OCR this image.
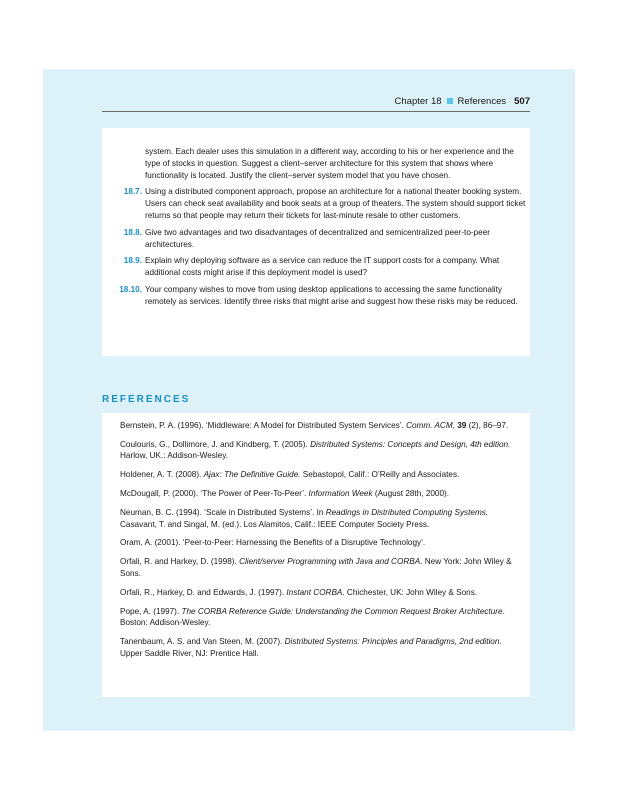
Chapter 18 References 507
system. Each dealer uses this simulation in a different way, according to his or her experience and the type of stocks in question. Suggest a client–server architecture for this system that shows where functionality is located. Justify the client–server system model that you have chosen.
18.7. Using a distributed component approach, propose an architecture for a national theater booking system. Users can check seat availability and book seats at a group of theaters. The system should support ticket returns so that people may return their tickets for last-minute resale to other customers.
18.8. Give two advantages and two disadvantages of decentralized and semicentralized peer-to-peer architectures.
18.9. Explain why deploying software as a service can reduce the IT support costs for a company. What additional costs might arise if this deployment model is used?
18.10. Your company wishes to move from using desktop applications to accessing the same functionality remotely as services. Identify three risks that might arise and suggest how these risks may be reduced.
REFERENCES
Bernstein, P. A. (1996). ‘Middleware: A Model for Distributed System Services’. Comm. ACM, 39 (2), 86–97.
Coulouris, G., Dollimore, J. and Kindberg, T. (2005). Distributed Systems: Concepts and Design, 4th edition. Harlow, UK.: Addison-Wesley.
Holdener, A. T. (2008). Ajax: The Definitive Guide. Sebastopol, Calif.: O’Reilly and Associates.
McDougall, P. (2000). ‘The Power of Peer-To-Peer’. Information Week (August 28th, 2000).
Neuman, B. C. (1994). ‘Scale in Distributed Systems’. In Readings in Distributed Computing Systems. Casavant, T. and Singal, M. (ed.). Los Alamitos, Calif.: IEEE Computer Society Press.
Oram, A. (2001). ‘Peer-to-Peer: Harnessing the Benefits of a Disruptive Technology’.
Orfali, R. and Harkey, D. (1998). Client/server Programming with Java and CORBA. New York: John Wiley & Sons.
Orfali, R., Harkey, D. and Edwards, J. (1997). Instant CORBA. Chichester, UK: John Wiley & Sons.
Pope, A. (1997). The CORBA Reference Guide: Understanding the Common Request Broker Architecture. Boston: Addison-Wesley.
Tanenbaum, A. S. and Van Steen, M. (2007). Distributed Systems: Principles and Paradigms, 2nd edition. Upper Saddle River, NJ: Prentice Hall.
